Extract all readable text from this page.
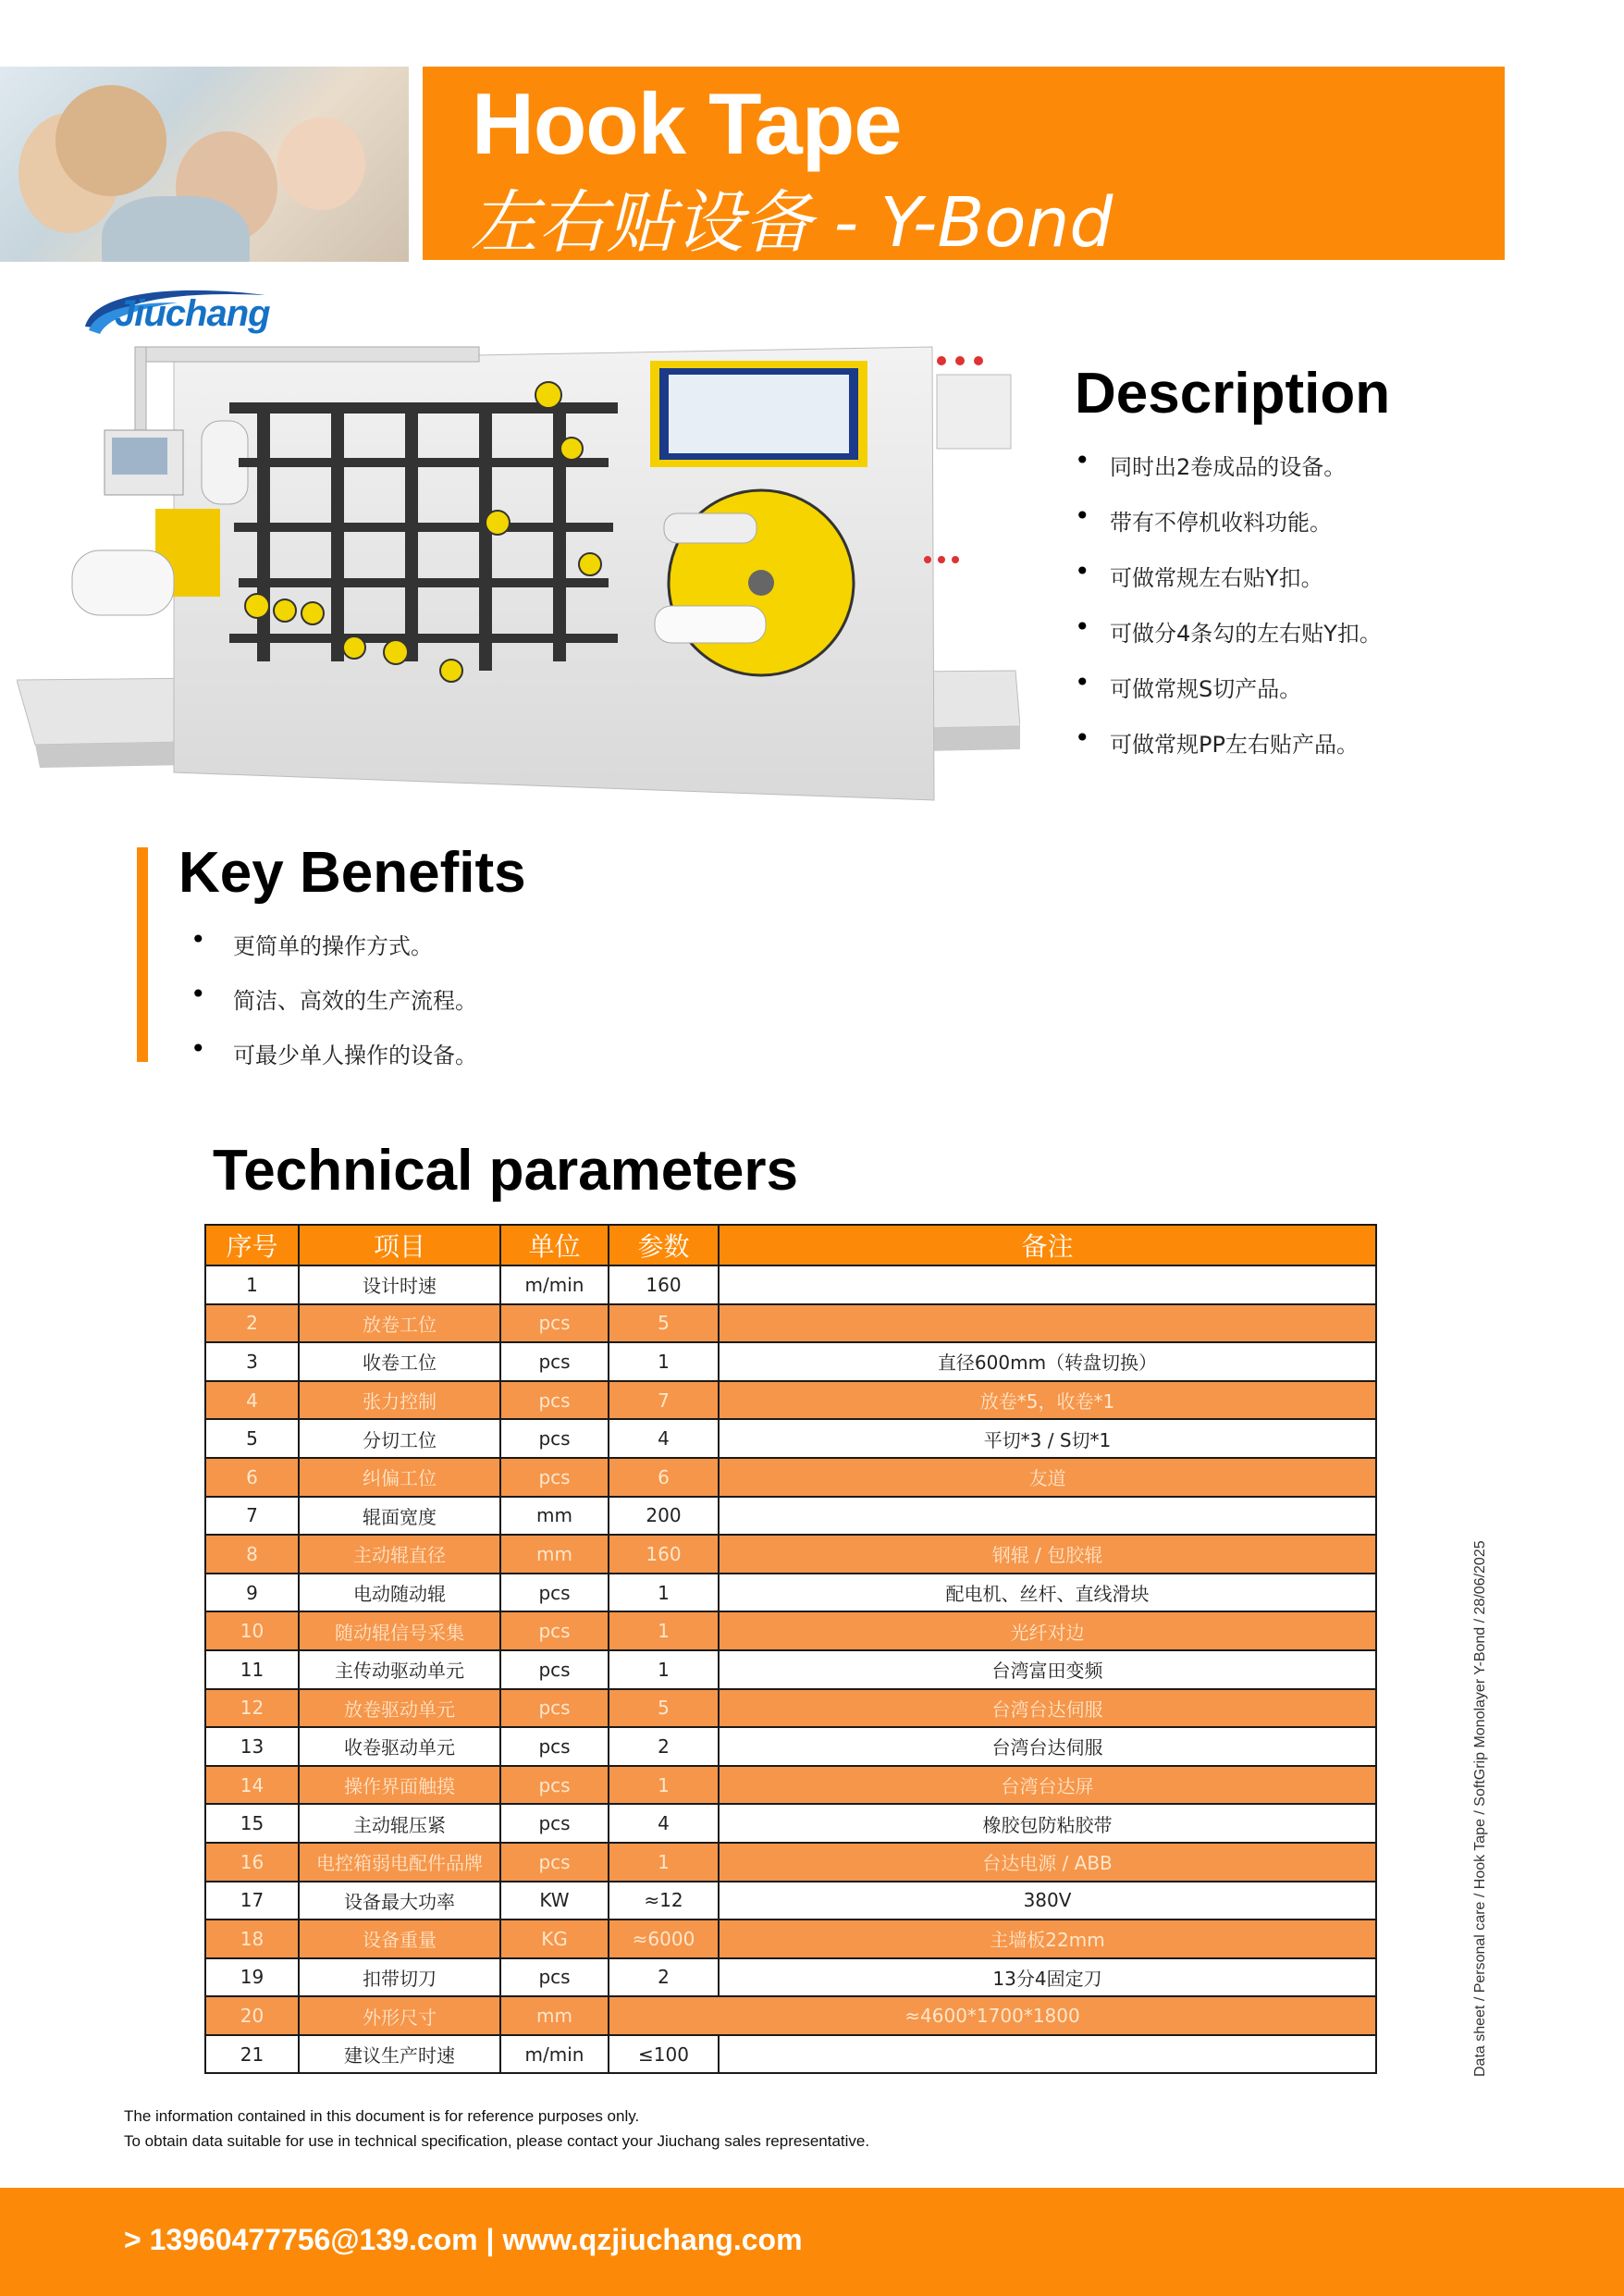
Hook Tape
左右贴设备 - Y-Bond
Jiuchang
Description
• 同时出2卷成品的设备。
• 带有不停机收料功能。
• 可做常规左右贴Y扣。
• 可做分4条勾的左右贴Y扣。
• 可做常规S切产品。
• 可做常规PP左右贴产品。
Key Benefits
• 更简单的操作方式。
• 简洁、高效的生产流程。
• 可最少单人操作的设备。
Technical parameters
序号	项目	单位	参数	备注
1	设计时速	m/min	160	
2	放卷工位	pcs	5	
3	收卷工位	pcs	1	直径600mm（转盘切换）
4	张力控制	pcs	7	放卷*5，收卷*1
5	分切工位	pcs	4	平切*3 / S切*1
6	纠偏工位	pcs	6	友道
7	辊面宽度	mm	200	
8	主动辊直径	mm	160	钢辊 / 包胶辊
9	电动随动辊	pcs	1	配电机、丝杆、直线滑块
10	随动辊信号采集	pcs	1	光纤对边
11	主传动驱动单元	pcs	1	台湾富田变频
12	放卷驱动单元	pcs	5	台湾台达伺服
13	收卷驱动单元	pcs	2	台湾台达伺服
14	操作界面触摸	pcs	1	台湾台达屏
15	主动辊压紧	pcs	4	橡胶包防粘胶带
16	电控箱弱电配件品牌	pcs	1	台达电源 / ABB
17	设备最大功率	KW	≈12	380V
18	设备重量	KG	≈6000	主墙板22mm
19	扣带切刀	pcs	2	13分4固定刀
20	外形尺寸	mm	≈4600*1700*1800	
21	建议生产时速	m/min	≤100		Data sheet / Personal care / Hook Tape / SoftGrip Monolayer Y-Bond / 28/06/2025
The information contained in this document is for reference purposes only.
To obtain data suitable for use in technical specification, please contact your Jiuchang sales representative.
> 13960477756@139.com | www.qzjiuchang.com
